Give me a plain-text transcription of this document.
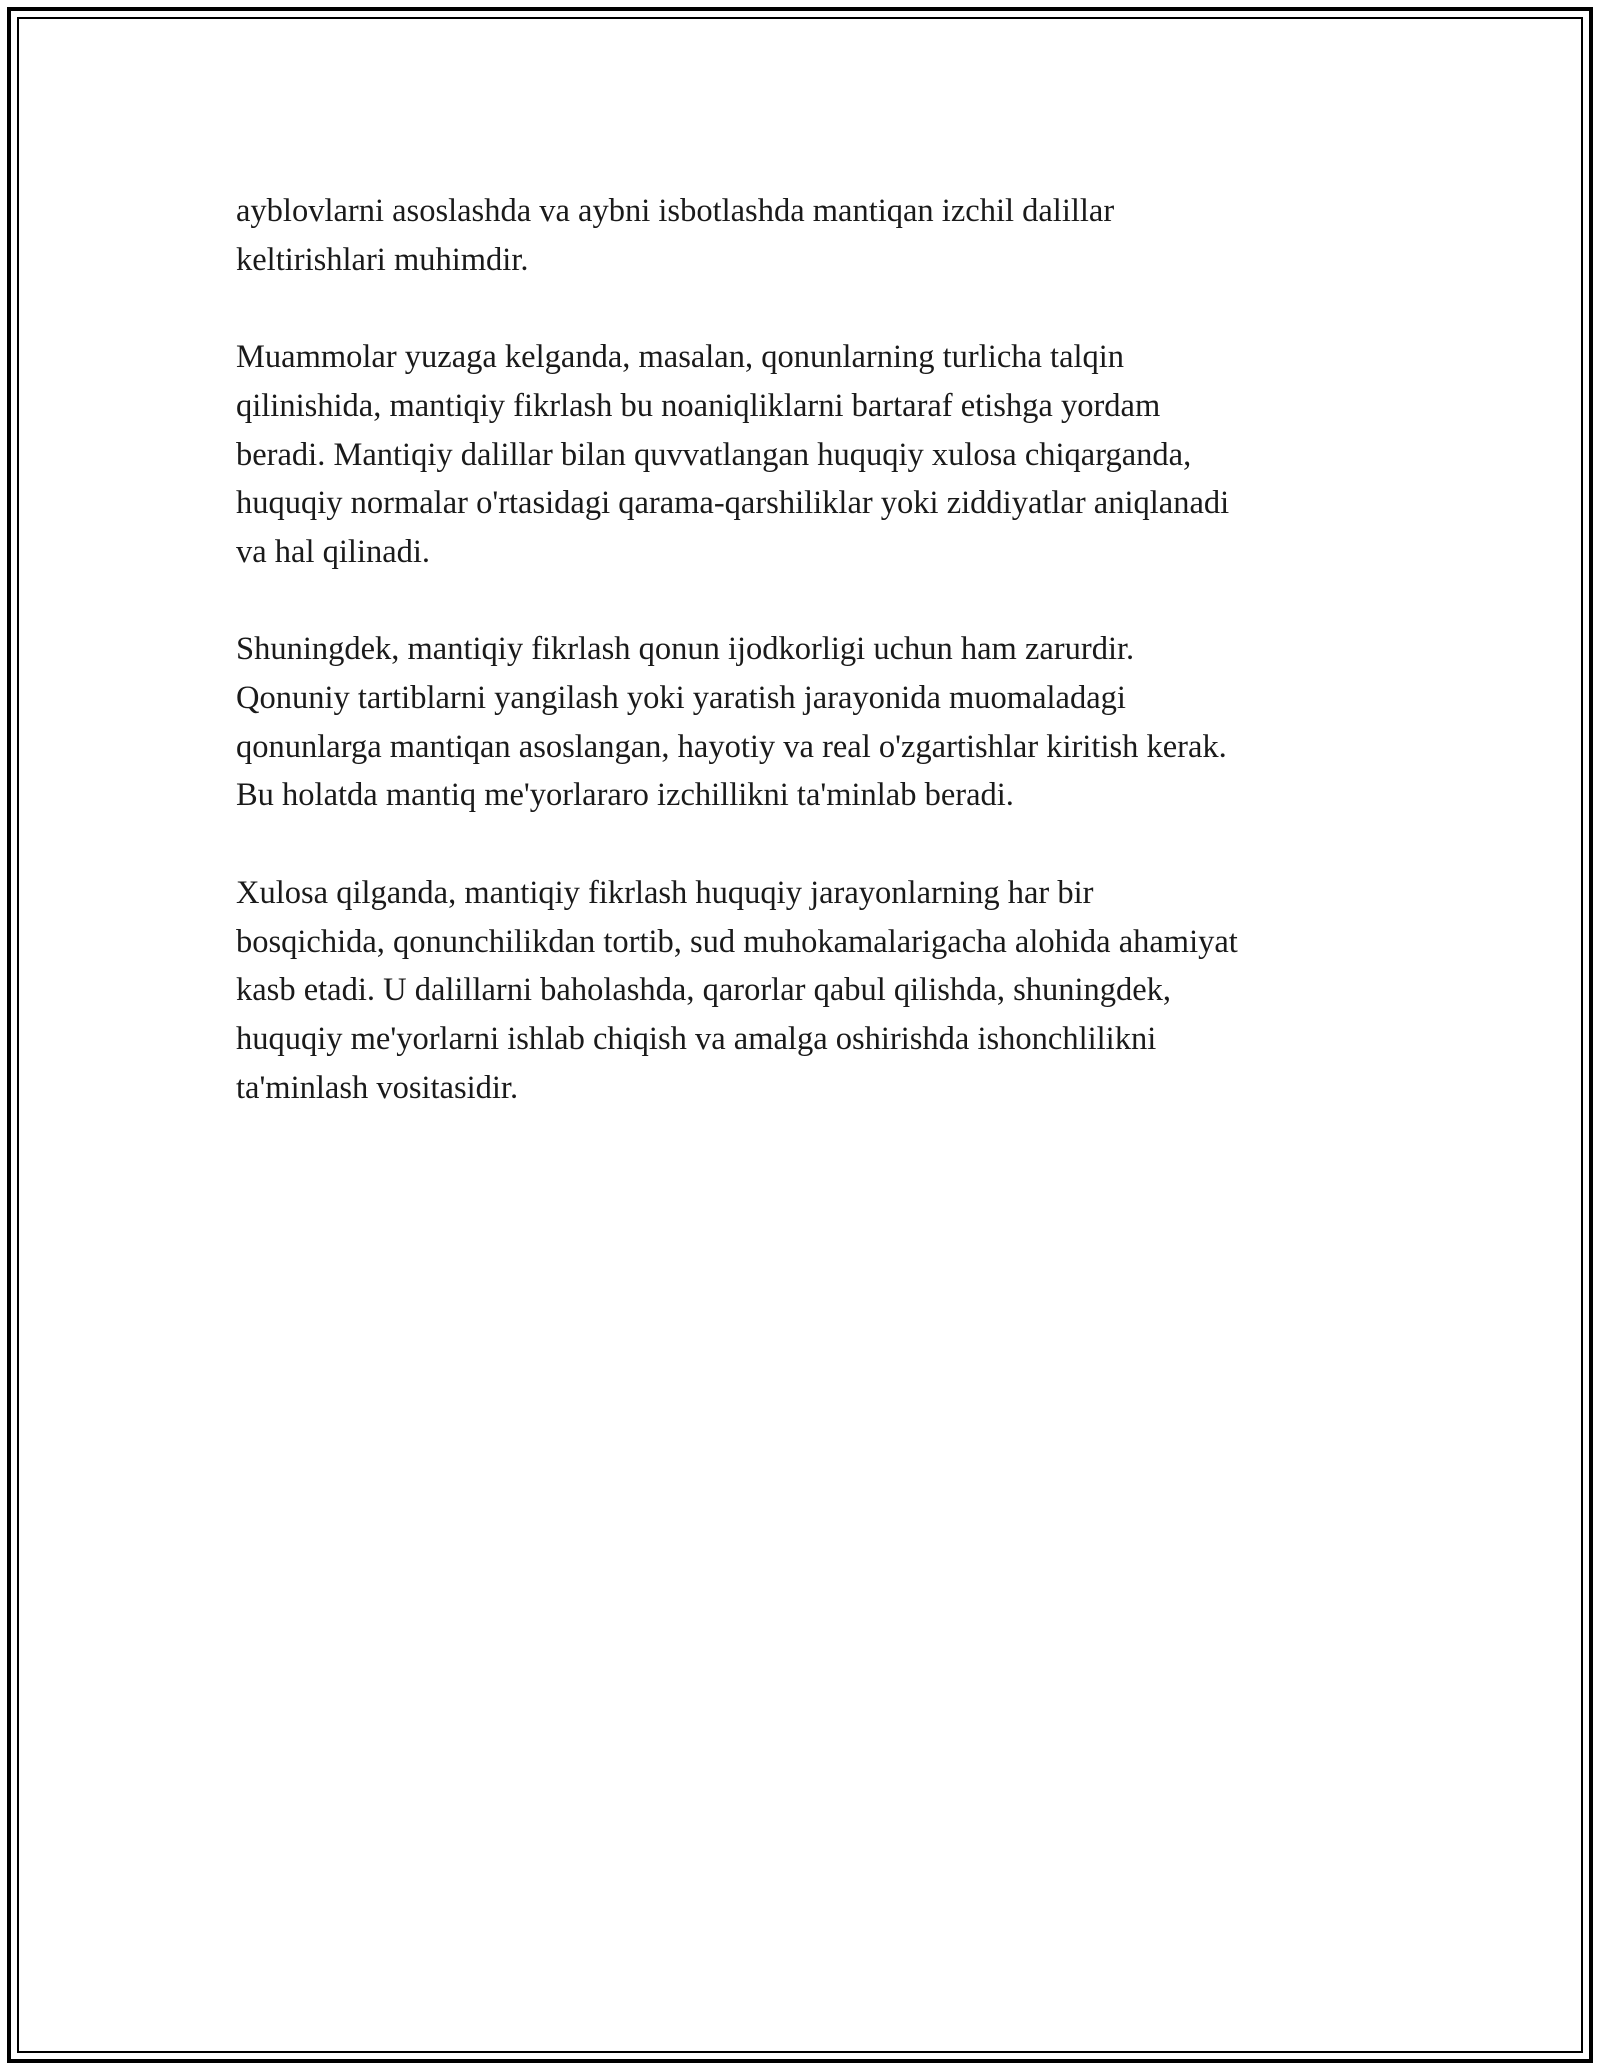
ayblovlarni asoslashda va aybni isbotlashda mantiqan izchil dalillar
keltirishlari muhimdir.

Muammolar yuzaga kelganda, masalan, qonunlarning turlicha talqin
qilinishida, mantiqiy fikrlash bu noaniqliklarni bartaraf etishga yordam
beradi. Mantiqiy dalillar bilan quvvatlangan huquqiy xulosa chiqarganda,
huquqiy normalar o'rtasidagi qarama-qarshiliklar yoki ziddiyatlar aniqlanadi
va hal qilinadi.

Shuningdek, mantiqiy fikrlash qonun ijodkorligi uchun ham zarurdir.
Qonuniy tartiblarni yangilash yoki yaratish jarayonida muomaladagi
qonunlarga mantiqan asoslangan, hayotiy va real o'zgartishlar kiritish kerak.
Bu holatda mantiq me'yorlararo izchillikni ta'minlab beradi.

Xulosa qilganda, mantiqiy fikrlash huquqiy jarayonlarning har bir
bosqichida, qonunchilikdan tortib, sud muhokamalarigacha alohida ahamiyat
kasb etadi. U dalillarni baholashda, qarorlar qabul qilishda, shuningdek,
huquqiy me'yorlarni ishlab chiqish va amalga oshirishda ishonchlilikni
ta'minlash vositasidir.
